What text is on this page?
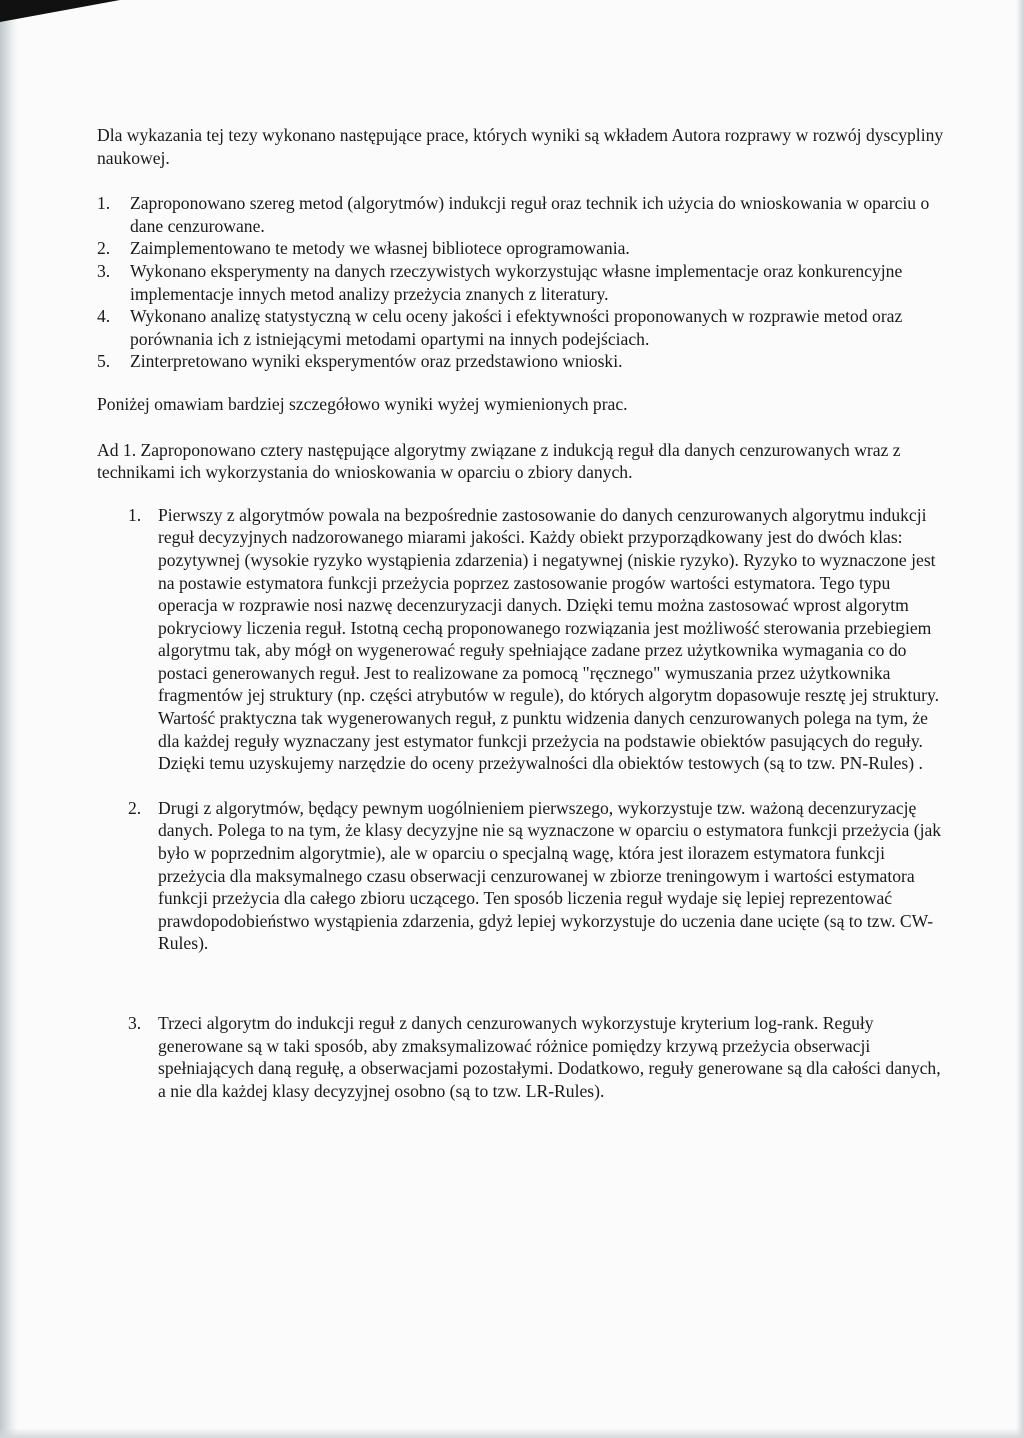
Dla wykazania tej tezy wykonano następujące prace, których wyniki są wkładem Autora rozprawy w rozwój dyscypliny naukowej.

1. Zaproponowano szereg metod (algorytmów) indukcji reguł oraz technik ich użycia do wnioskowania w oparciu o dane cenzurowane.
2. Zaimplementowano te metody we własnej bibliotece oprogramowania.
3. Wykonano eksperymenty na danych rzeczywistych wykorzystując własne implementacje oraz konkurencyjne implementacje innych metod analizy przeżycia znanych z literatury.
4. Wykonano analizę statystyczną w celu oceny jakości i efektywności proponowanych w rozprawie metod oraz porównania ich z istniejącymi metodami opartymi na innych podejściach.
5. Zinterpretowano wyniki eksperymentów oraz przedstawiono wnioski.

Poniżej omawiam bardziej szczegółowo wyniki wyżej wymienionych prac.

Ad 1. Zaproponowano cztery następujące algorytmy związane z indukcją reguł dla danych cenzurowanych wraz z technikami ich wykorzystania do wnioskowania w oparciu o zbiory danych.

1. Pierwszy z algorytmów powala na bezpośrednie zastosowanie do danych cenzurowanych algorytmu indukcji reguł decyzyjnych nadzorowanego miarami jakości. Każdy obiekt przyporządkowany jest do dwóch klas: pozytywnej (wysokie ryzyko wystąpienia zdarzenia) i negatywnej (niskie ryzyko). Ryzyko to wyznaczone jest na postawie estymatora funkcji przeżycia poprzez zastosowanie progów wartości estymatora. Tego typu operacja w rozprawie nosi nazwę decenzuryzacji danych. Dzięki temu można zastosować wprost algorytm pokryciowy liczenia reguł. Istotną cechą proponowanego rozwiązania jest możliwość sterowania przebiegiem algorytmu tak, aby mógł on wygenerować reguły spełniające zadane przez użytkownika wymagania co do postaci generowanych reguł. Jest to realizowane za pomocą "ręcznego" wymuszania przez użytkownika fragmentów jej struktury (np. części atrybutów w regule), do których algorytm dopasowuje resztę jej struktury. Wartość praktyczna tak wygenerowanych reguł, z punktu widzenia danych cenzurowanych polega na tym, że dla każdej reguły wyznaczany jest estymator funkcji przeżycia na podstawie obiektów pasujących do reguły. Dzięki temu uzyskujemy narzędzie do oceny przeżywalności dla obiektów testowych (są to tzw. PN-Rules) .
2. Drugi z algorytmów, będący pewnym uogólnieniem pierwszego, wykorzystuje tzw. ważoną decenzuryzację danych. Polega to na tym, że klasy decyzyjne nie są wyznaczone w oparciu o estymatora funkcji przeżycia (jak było w poprzednim algorytmie), ale w oparciu o specjalną wagę, która jest ilorazem estymatora funkcji przeżycia dla maksymalnego czasu obserwacji cenzurowanej w zbiorze treningowym i wartości estymatora funkcji przeżycia dla całego zbioru uczącego. Ten sposób liczenia reguł wydaje się lepiej reprezentować prawdopodobieństwo wystąpienia zdarzenia, gdyż lepiej wykorzystuje do uczenia dane ucięte (są to tzw. CW-Rules).
3. Trzeci algorytm do indukcji reguł z danych cenzurowanych wykorzystuje kryterium log-rank. Reguły generowane są w taki sposób, aby zmaksymalizować różnice pomiędzy krzywą przeżycia obserwacji spełniających daną regułę, a obserwacjami pozostałymi. Dodatkowo, reguły generowane są dla całości danych, a nie dla każdej klasy decyzyjnej osobno (są to tzw. LR-Rules).
